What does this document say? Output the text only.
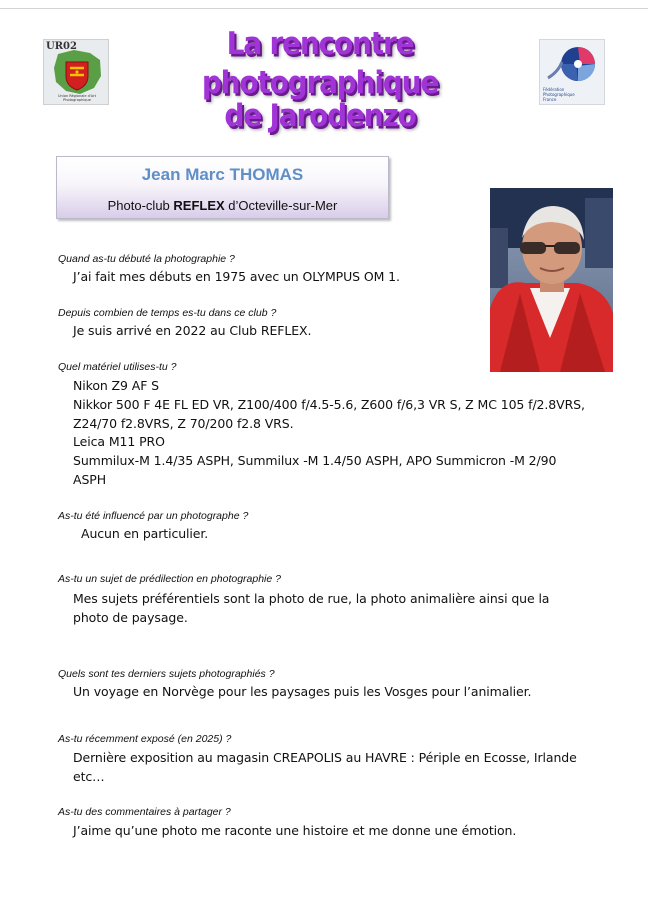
UR02
Union Régionale d'Art Photographique
La rencontre photographique
de Jarodenzo
Fédération
Photographique
France
Jean Marc THOMAS
Photo-club REFLEX d’Octeville-sur-Mer
Quand as-tu débuté la photographie ?
J’ai fait mes débuts en 1975 avec un OLYMPUS OM 1.
Depuis combien de temps es-tu dans ce club ?
Je suis arrivé en 2022 au Club REFLEX.
Quel matériel utilises-tu ?
Nikon Z9 AF S
Nikkor 500 F 4E FL ED VR, Z100/400 f/4.5-5.6, Z600 f/6,3 VR S, Z MC 105 f/2.8VRS,
Z24/70 f2.8VRS, Z 70/200 f2.8 VRS.
Leica M11 PRO
Summilux-M 1.4/35 ASPH, Summilux -M 1.4/50 ASPH, APO Summicron -M 2/90
ASPH
As-tu été influencé par un photographe ?
Aucun en particulier.
As-tu un sujet de prédilection en photographie ?
Mes sujets préférentiels sont la photo de rue, la photo animalière ainsi que la
photo de paysage.
Quels sont tes derniers sujets photographiés ?
Un voyage en Norvège pour les paysages puis les Vosges pour l’animalier.
As-tu récemment exposé (en 2025) ?
Dernière exposition au magasin CREAPOLIS au HAVRE : Périple en Ecosse, Irlande
etc…
As-tu des commentaires à partager ?
J’aime qu’une photo me raconte une histoire et me donne une émotion.
